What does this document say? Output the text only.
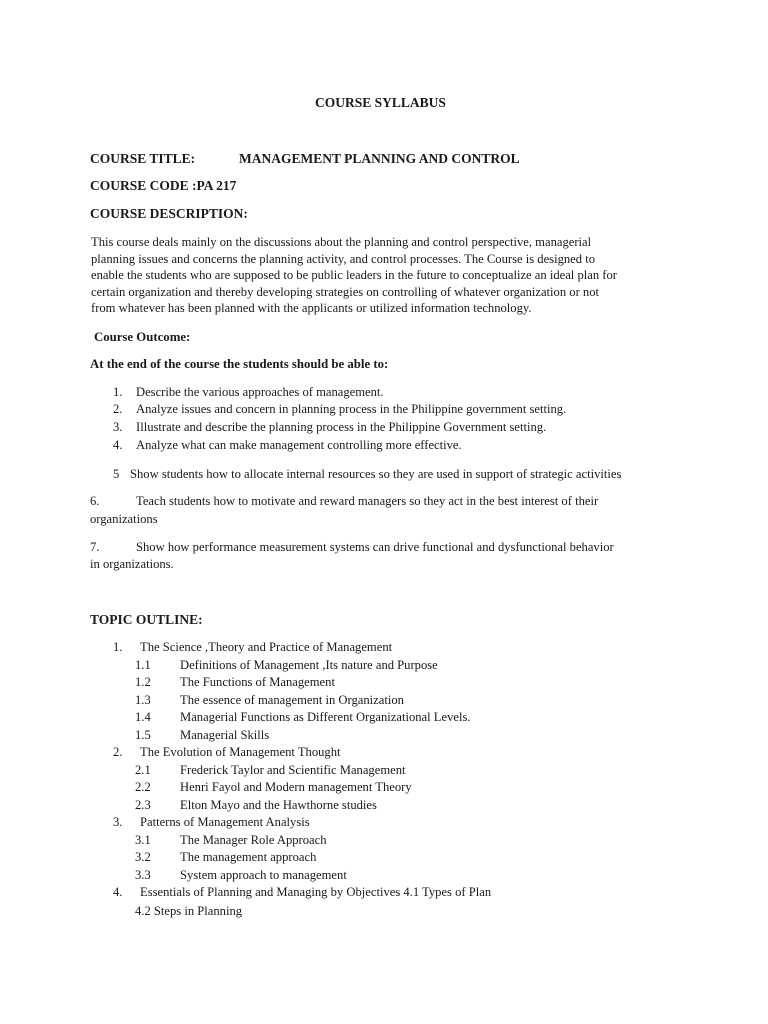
COURSE SYLLABUS
COURSE TITLE:	MANAGEMENT PLANNING AND CONTROL
COURSE CODE :PA 217
COURSE DESCRIPTION:
This course deals mainly on the discussions about the planning and control perspective, managerial
planning issues and concerns the planning activity, and control processes. The Course is designed to
enable the students who are supposed to be public leaders in the future to conceptualize an ideal plan for
certain organization and thereby developing strategies on controlling of whatever organization or not
from whatever has been planned with the applicants or utilized information technology.
Course Outcome:
At the end of the course the students should be able to:
1. Describe the various approaches of management.
2. Analyze issues and concern in planning process in the Philippine government setting.
3. Illustrate and describe the planning process in the Philippine Government setting.
4. Analyze what can make management controlling more effective.
5 Show students how to allocate internal resources so they are used in support of strategic activities
6.	Teach students how to motivate and reward managers so they act in the best interest of their
organizations
7.	Show how performance measurement systems can drive functional and dysfunctional behavior
in organizations.
TOPIC OUTLINE:
1. The Science ,Theory and Practice of Management
1.1 Definitions of Management ,Its nature and Purpose
1.2 The Functions of Management
1.3 The essence of management in Organization
1.4 Managerial Functions as Different Organizational Levels.
1.5 Managerial Skills
2. The Evolution of Management Thought
2.1 Frederick Taylor and Scientific Management
2.2 Henri Fayol and Modern management Theory
2.3 Elton Mayo and the Hawthorne studies
3. Patterns of Management Analysis
3.1 The Manager Role Approach
3.2 The management approach
3.3 System approach to management
4. Essentials of Planning and Managing by Objectives 4.1 Types of Plan
4.2 Steps in Planning
